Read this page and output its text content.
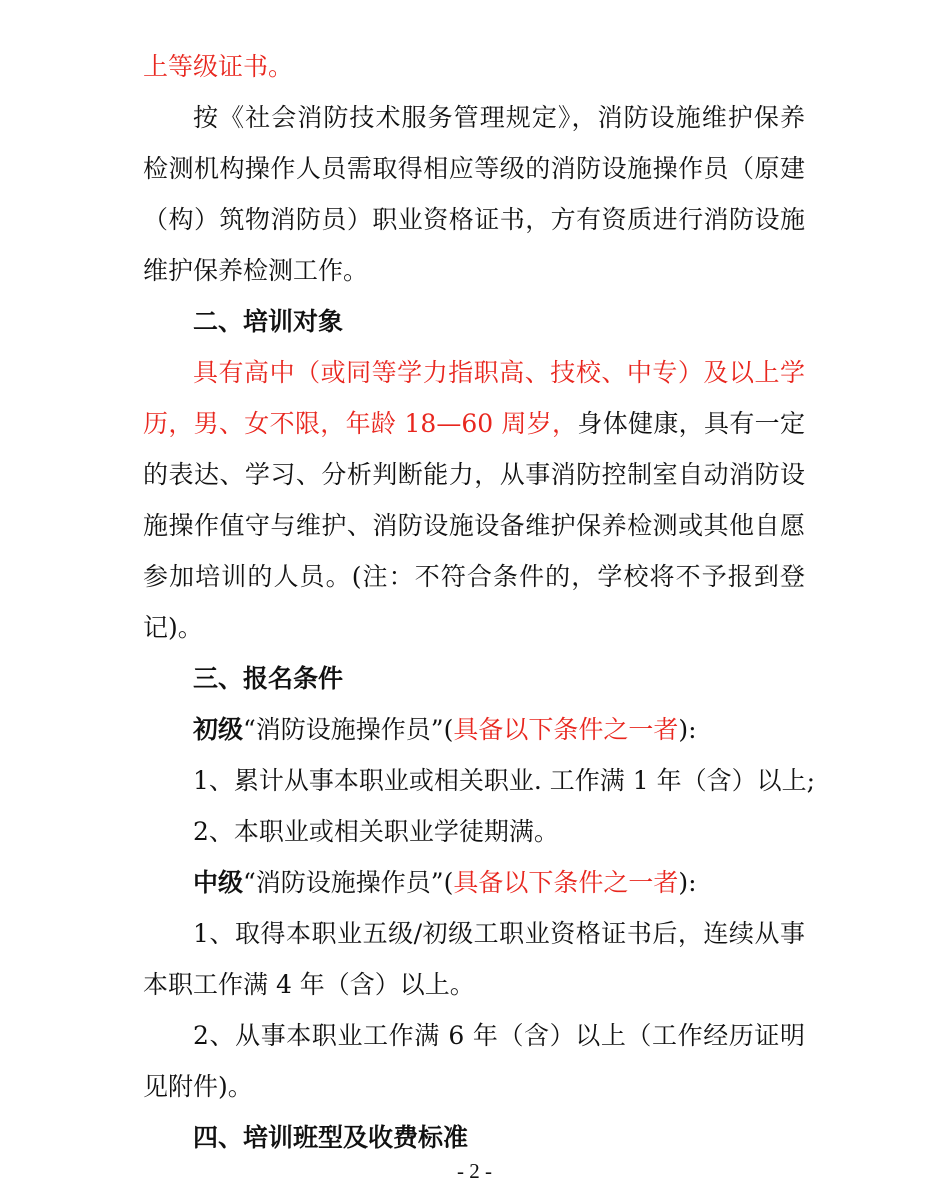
上等级证书。
按《社会消防技术服务管理规定》，消防设施维护保养
检测机构操作人员需取得相应等级的消防设施操作员（原建
（构）筑物消防员）职业资格证书，方有资质进行消防设施
维护保养检测工作。
二、培训对象
具有高中（或同等学力指职高、技校、中专）及以上学
历，男、女不限，年龄 18—60 周岁，身体健康，具有一定
的表达、学习、分析判断能力，从事消防控制室自动消防设
施操作值守与维护、消防设施设备维护保养检测或其他自愿
参加培训的人员。(注：不符合条件的，学校将不予报到登
记)。
三、报名条件
初级“消防设施操作员”(具备以下条件之一者):
1、累计从事本职业或相关职业. 工作满 1 年（含）以上;
2、本职业或相关职业学徒期满。
中级“消防设施操作员”(具备以下条件之一者):
1、取得本职业五级/初级工职业资格证书后，连续从事
本职工作满 4 年（含）以上。
2、从事本职业工作满 6 年（含）以上（工作经历证明
见附件)。
四、培训班型及收费标准
- 2 -
